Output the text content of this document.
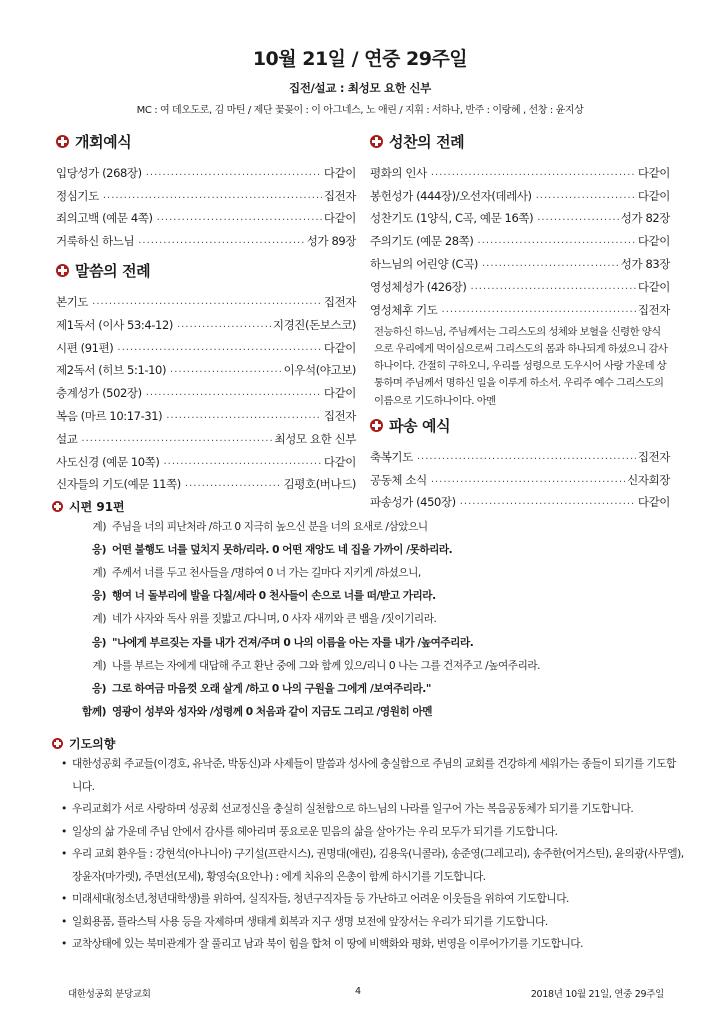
10월 21일 / 연중 29주일
집전/설교 : 최성모 요한 신부
MC : 여 데오도로, 김 마틴 / 제단 꽃꽂이 : 이 아그네스, 노 애린 / 지휘 : 서하나, 반주 : 이랑혜 , 선창 : 윤지상
개회예식
입당성가 (268장) ·····	다같이
정심기도 ·····	집전자
죄의고백 (예문 4쪽) ·····	다같이
거룩하신 하느님 ·····	성가 89장
말씀의 전례
본기도 ·····	집전자
제1독서 (이사 53:4-12) ·····	지경진(돈보스코)
시편 (91편) ·····	다같이
제2독서 (히브 5:1-10) ·····	이우석(야고보)
층계성가 (502장) ·····	다같이
복음 (마르 10:17-31) ·····	집전자
설교 ·····	최성모 요한 신부
사도신경 (예문 10쪽) ·····	다같이
신자들의 기도(예문 11쪽) ·····	김평호(버나드)
성찬의 전례
평화의 인사 ·····	다같이
봉헌성가 (444장)/오선자(데레사) ·····	다같이
성찬기도 (1양식, C곡, 예문 16쪽) ·····	성가 82장
주의기도 (예문 28쪽) ·····	다같이
하느님의 어린양 (C곡) ·····	성가 83장
영성체성가 (426장) ·····	다같이
영성체후 기도 ·····	집전자
전능하신 하느님, 주님께서는 그리스도의 성체와 보혈을 신령한 양식으로 우리에게 먹이심으로써 그리스도의 몸과 하나되게 하셨으니 감사하나이다. 간절히 구하오니, 우리를 성령으로 도우시어 사랑 가운데 상통하며 주님께서 명하신 일을 이루게 하소서. 우리주 예수 그리스도의 이름으로 기도하나이다. 아멘
파송 예식
축복기도 ·····	집전자
공동체 소식 ·····	신자회장
파송성가 (450장) ·····	다같이
시편 91편
계) 주님을 너의 피난처라 /하고 0 지극히 높으신 분을 너의 요새로 /삼았으니
응) 어떤 불행도 너를 덮치지 못하/리라. 0 어떤 재앙도 네 집을 가까이 /못하리라.
계) 주께서 너를 두고 천사들을 /명하여 0 너 가는 길마다 지키게 /하셨으니,
응) 행여 너 돌부리에 발을 다칠/세라 0 천사들이 손으로 너를 떠/받고 가리라.
계) 네가 사자와 독사 위를 짓밟고 /다니며, 0 사자 새끼와 큰 뱀을 /짓이기리라.
응) "나에게 부르짖는 자를 내가 건져/주며 0 나의 이름을 아는 자를 내가 /높여주리라.
계) 나를 부르는 자에게 대답해 주고 환난 중에 그와 함께 있으/리니 0 나는 그를 건져주고 /높여주리라.
응) 그로 하여금 마음껏 오래 살게 /하고 0 나의 구원을 그에게 /보여주리라."
함께) 영광이 성부와 성자와 /성령께 0 처음과 같이 지금도 그리고 /영원히 아멘
기도의향
• 대한성공회 주교들(이경호, 유낙준, 박동신)과 사제들이 말씀과 성사에 충실함으로 주님의 교회를 건강하게 세워가는 종들이 되기를 기도합니다.
• 우리교회가 서로 사랑하며 성공회 선교정신을 충실히 실천함으로 하느님의 나라를 일구어 가는 복음공동체가 되기를 기도합니다.
• 일상의 삶 가운데 주님 안에서 감사를 헤아리며 풍요로운 믿음의 삶을 살아가는 우리 모두가 되기를 기도합니다.
• 우리 교회 환우들 : 강현석(아나니아) 구기설(프란시스), 권명대(애린), 김용욱(니콜라), 송준영(그레고리), 송주한(어거스틴), 윤의광(사무엘), 장윤자(마가렛), 주면선(모세), 황영숙(요안나) : 에게 치유의 은총이 함께 하시기를 기도합니다.
• 미래세대(청소년,청년대학생)를 위하여, 실직자들, 청년구직자들 등 가난하고 어려운 이웃들을 위하여 기도합니다.
• 일회용품, 플라스틱 사용 등을 자제하며 생태계 회복과 지구 생명 보전에 앞장서는 우리가 되기를 기도합니다.
• 교착상태에 있는 북미관계가 잘 풀리고 남과 북이 힘을 합쳐 이 땅에 비핵화와 평화, 번영을 이루어가기를 기도합니다.
대한성공회 분당교회	4	2018년 10월 21일, 연중 29주일
